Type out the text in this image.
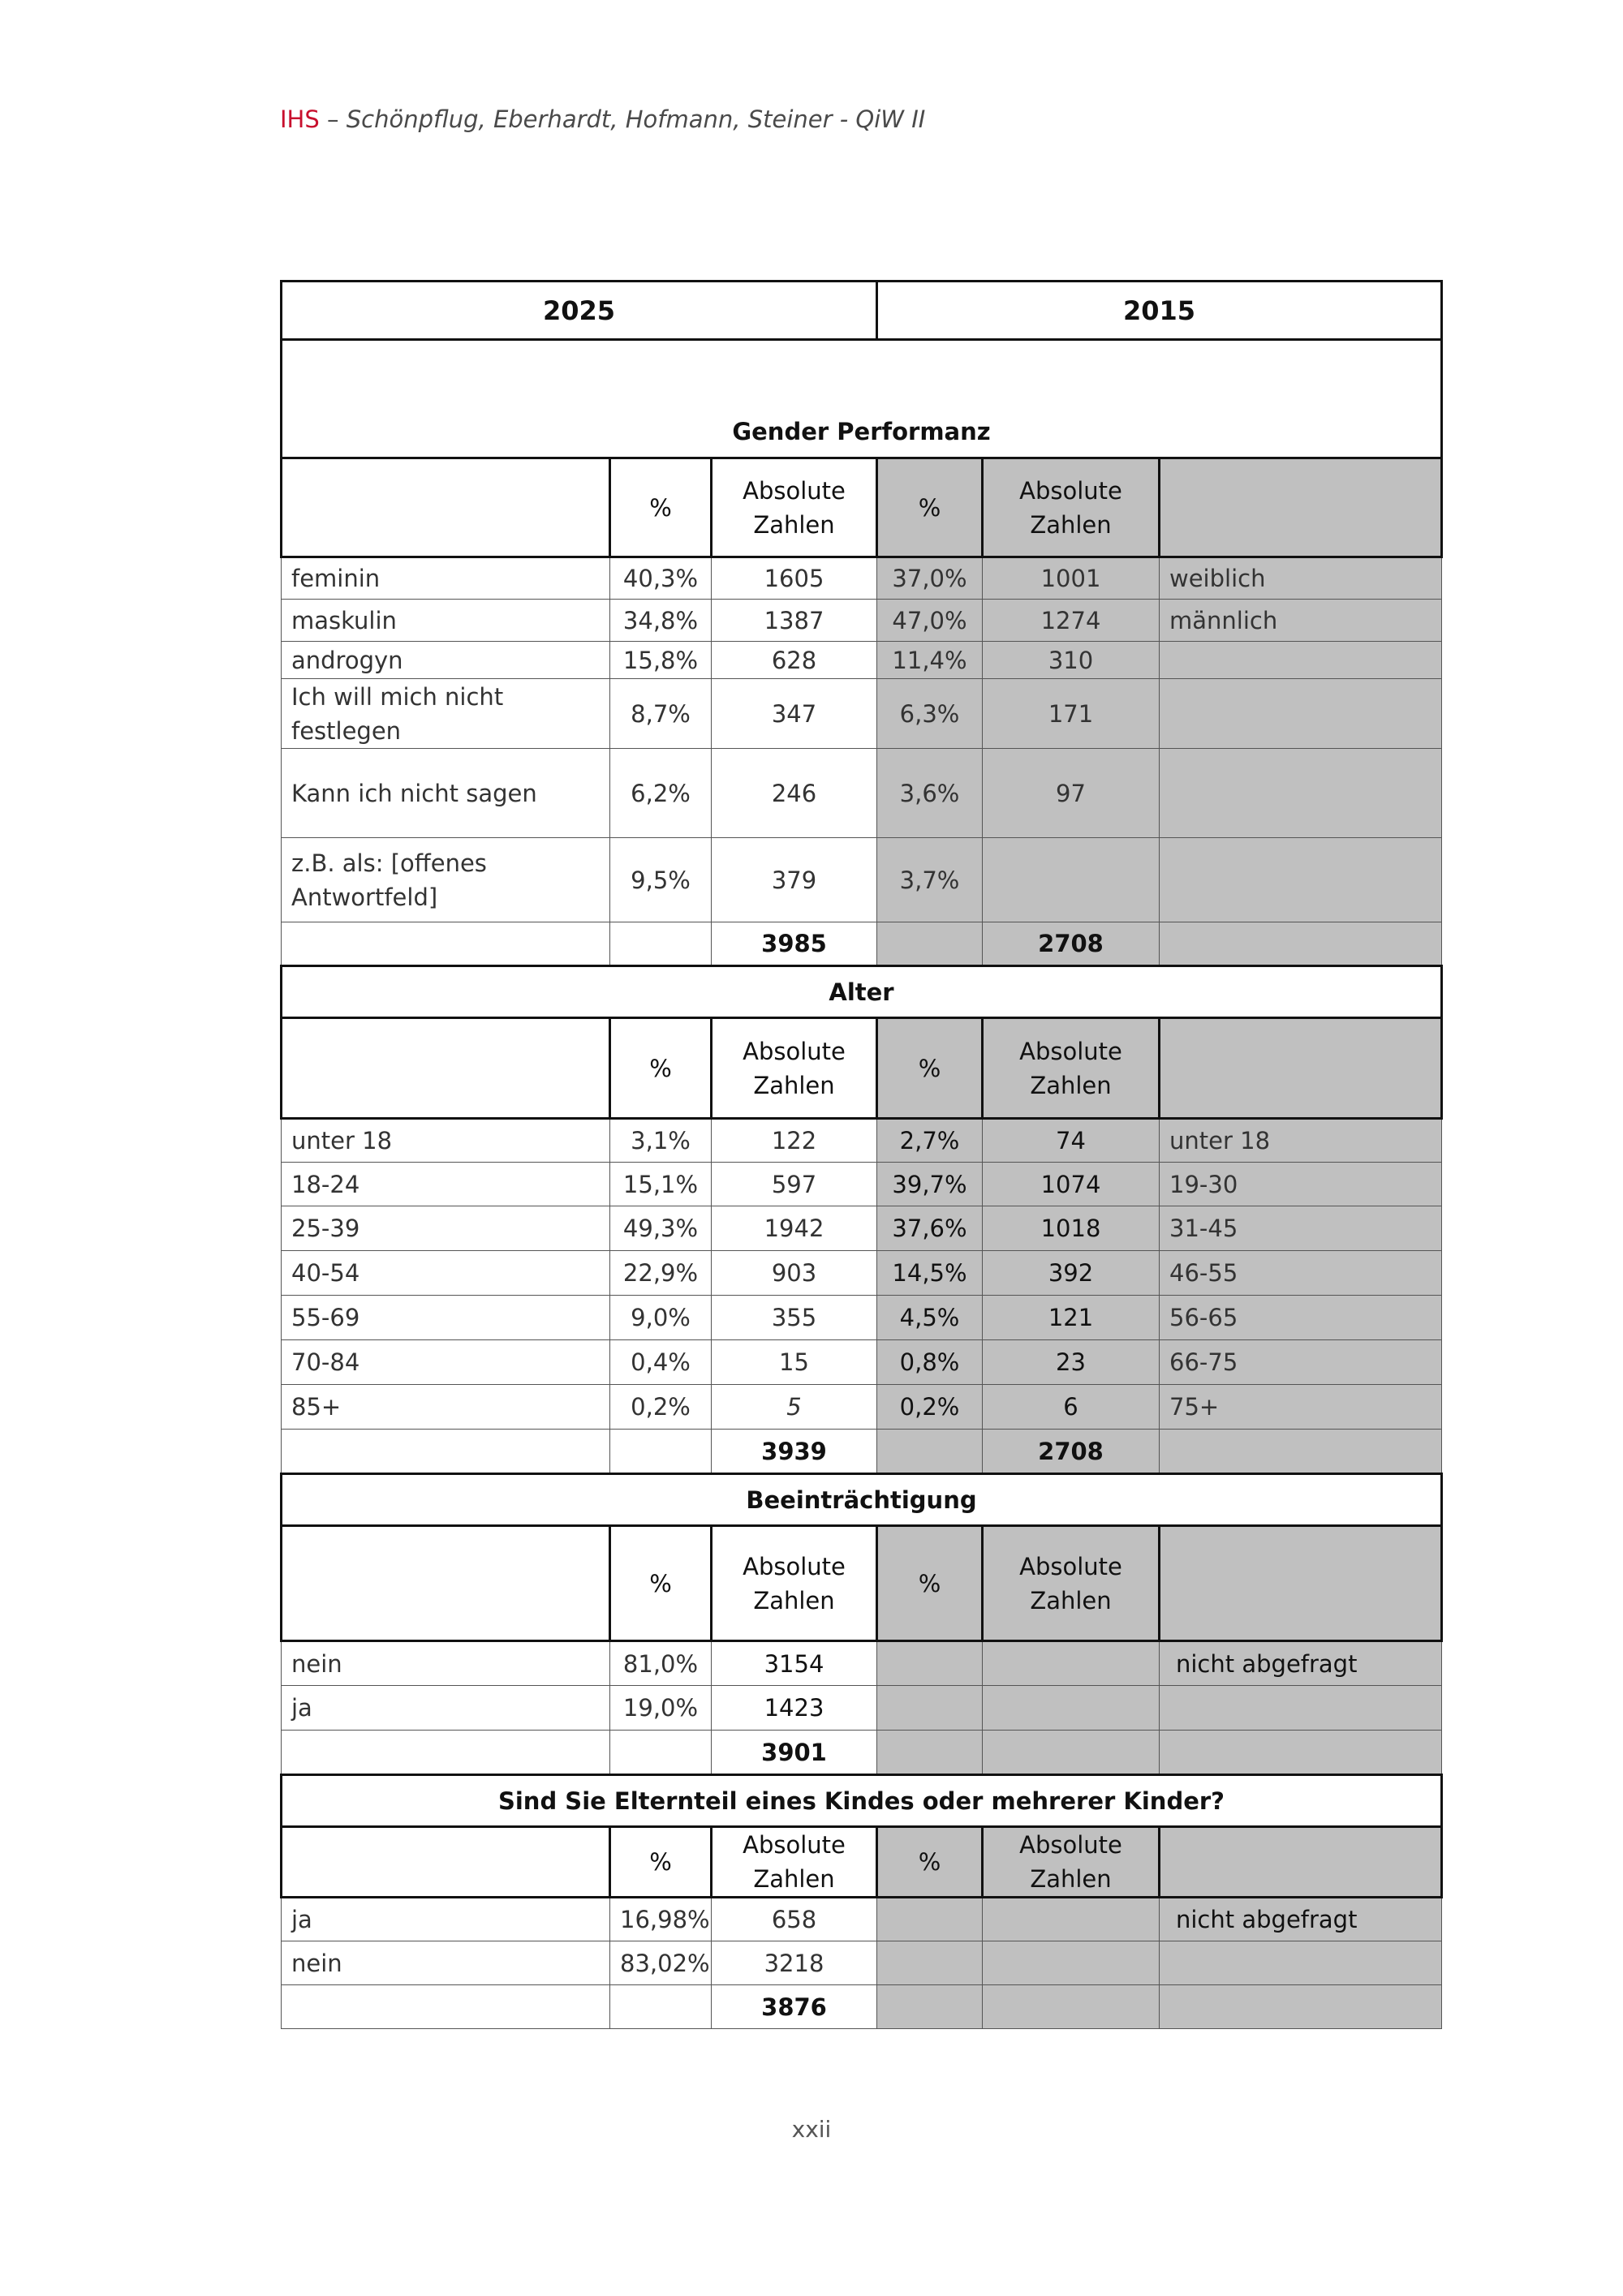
IHS – Schönpflug, Eberhardt, Hofmann, Steiner - QiW II
2025			2015		
Gender Performanz					
	%	Absolute Zahlen	%	Absolute Zahlen	
feminin	40,3%	1605	37,0%	1001	weiblich
maskulin	34,8%	1387	47,0%	1274	männlich
androgyn	15,8%	628	11,4%	310	
Ich will mich nicht festlegen	8,7%	347	6,3%	171	
Kann ich nicht sagen	6,2%	246	3,6%	97	
z.B. als: [offenes Antwortfeld]	9,5%	379	3,7%		
		3985		2708	
Alter					
	%	Absolute Zahlen	%	Absolute Zahlen	
unter 18	3,1%	122	2,7%	74	unter 18
18-24	15,1%	597	39,7%	1074	19-30
25-39	49,3%	1942	37,6%	1018	31-45
40-54	22,9%	903	14,5%	392	46-55
55-69	9,0%	355	4,5%	121	56-65
70-84	0,4%	15	0,8%	23	66-75
85+	0,2%	5	0,2%	6	75+
		3939		2708	
Beeinträchtigung					
	%	Absolute Zahlen	%	Absolute Zahlen	
nein	81,0%	3154			nicht abgefragt
ja	19,0%	1423			
		3901			
Sind Sie Elternteil eines Kindes oder mehrerer Kinder?					
	%	Absolute Zahlen	%	Absolute Zahlen	
ja	16,98%	658			nicht abgefragt
nein	83,02%	3218			
		3876			
xxii
